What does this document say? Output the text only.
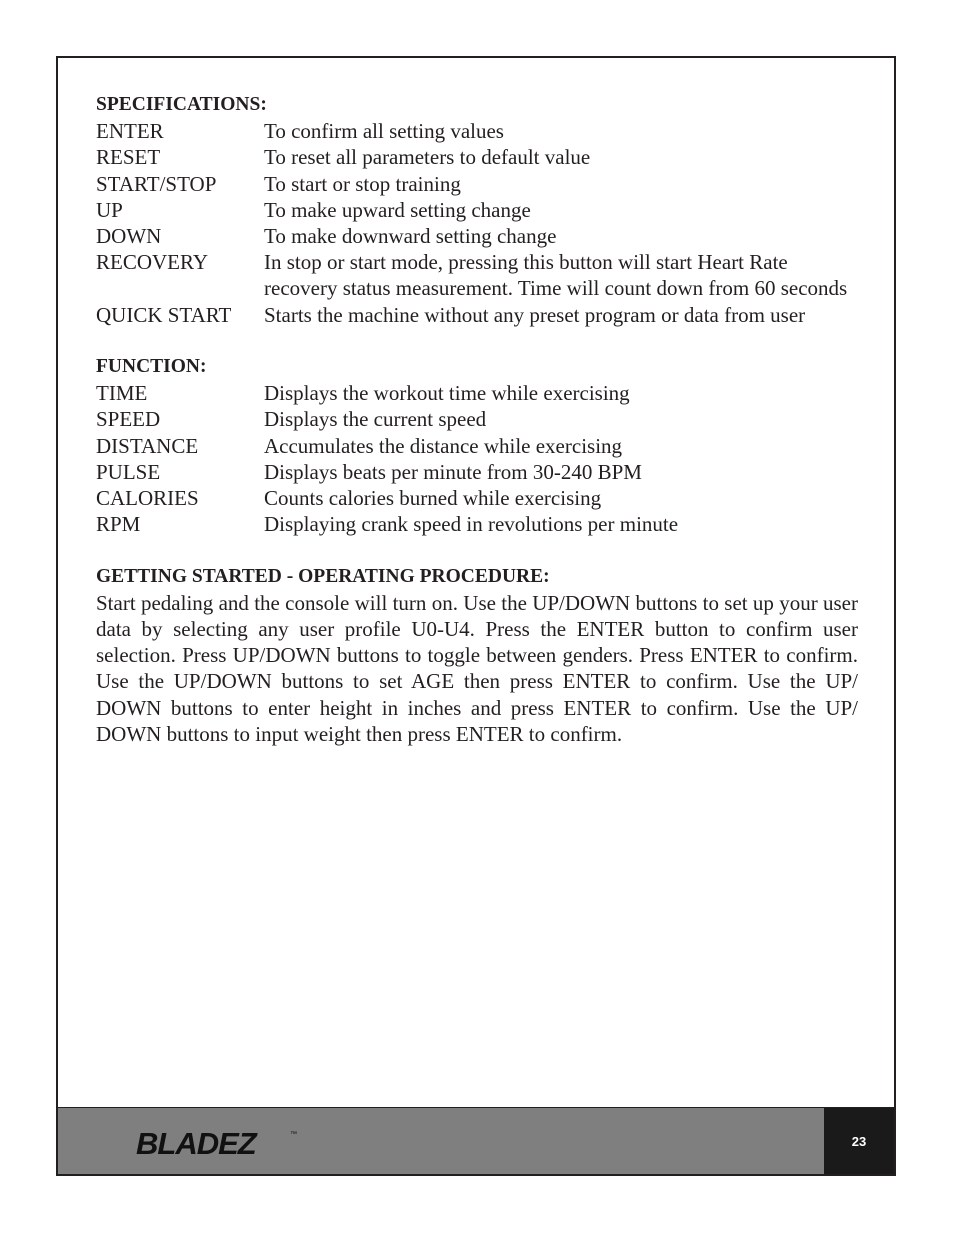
SPECIFICATIONS:
ENTER	To confirm all setting values
RESET	To reset all parameters to default value
START/STOP	To start or stop training
UP	To make upward setting change
DOWN	To make downward setting change
RECOVERY	In stop or start mode, pressing this button will start Heart Rate recovery status measurement. Time will count down from 60 seconds
QUICK START	Starts the machine without any preset program or data from user
FUNCTION:
TIME	Displays the workout time while exercising
SPEED	Displays the current speed
DISTANCE	Accumulates the distance while exercising
PULSE	Displays beats per minute from 30-240 BPM
CALORIES	Counts calories burned while exercising
RPM	Displaying crank speed in revolutions per minute
GETTING STARTED - OPERATING PROCEDURE:

Start pedaling and the console will turn on. Use the UP/DOWN buttons to set up your user data by selecting any user profile U0-U4. Press the ENTER button to confirm user selection. Press UP/DOWN buttons to toggle between genders. Press ENTER to confirm. Use the UP/DOWN buttons to set AGE then press ENTER to confirm. Use the UP/ DOWN buttons to enter height in inches and press ENTER to confirm. Use the UP/ DOWN buttons to input weight then press ENTER to confirm.

BLADEZ	™	23
